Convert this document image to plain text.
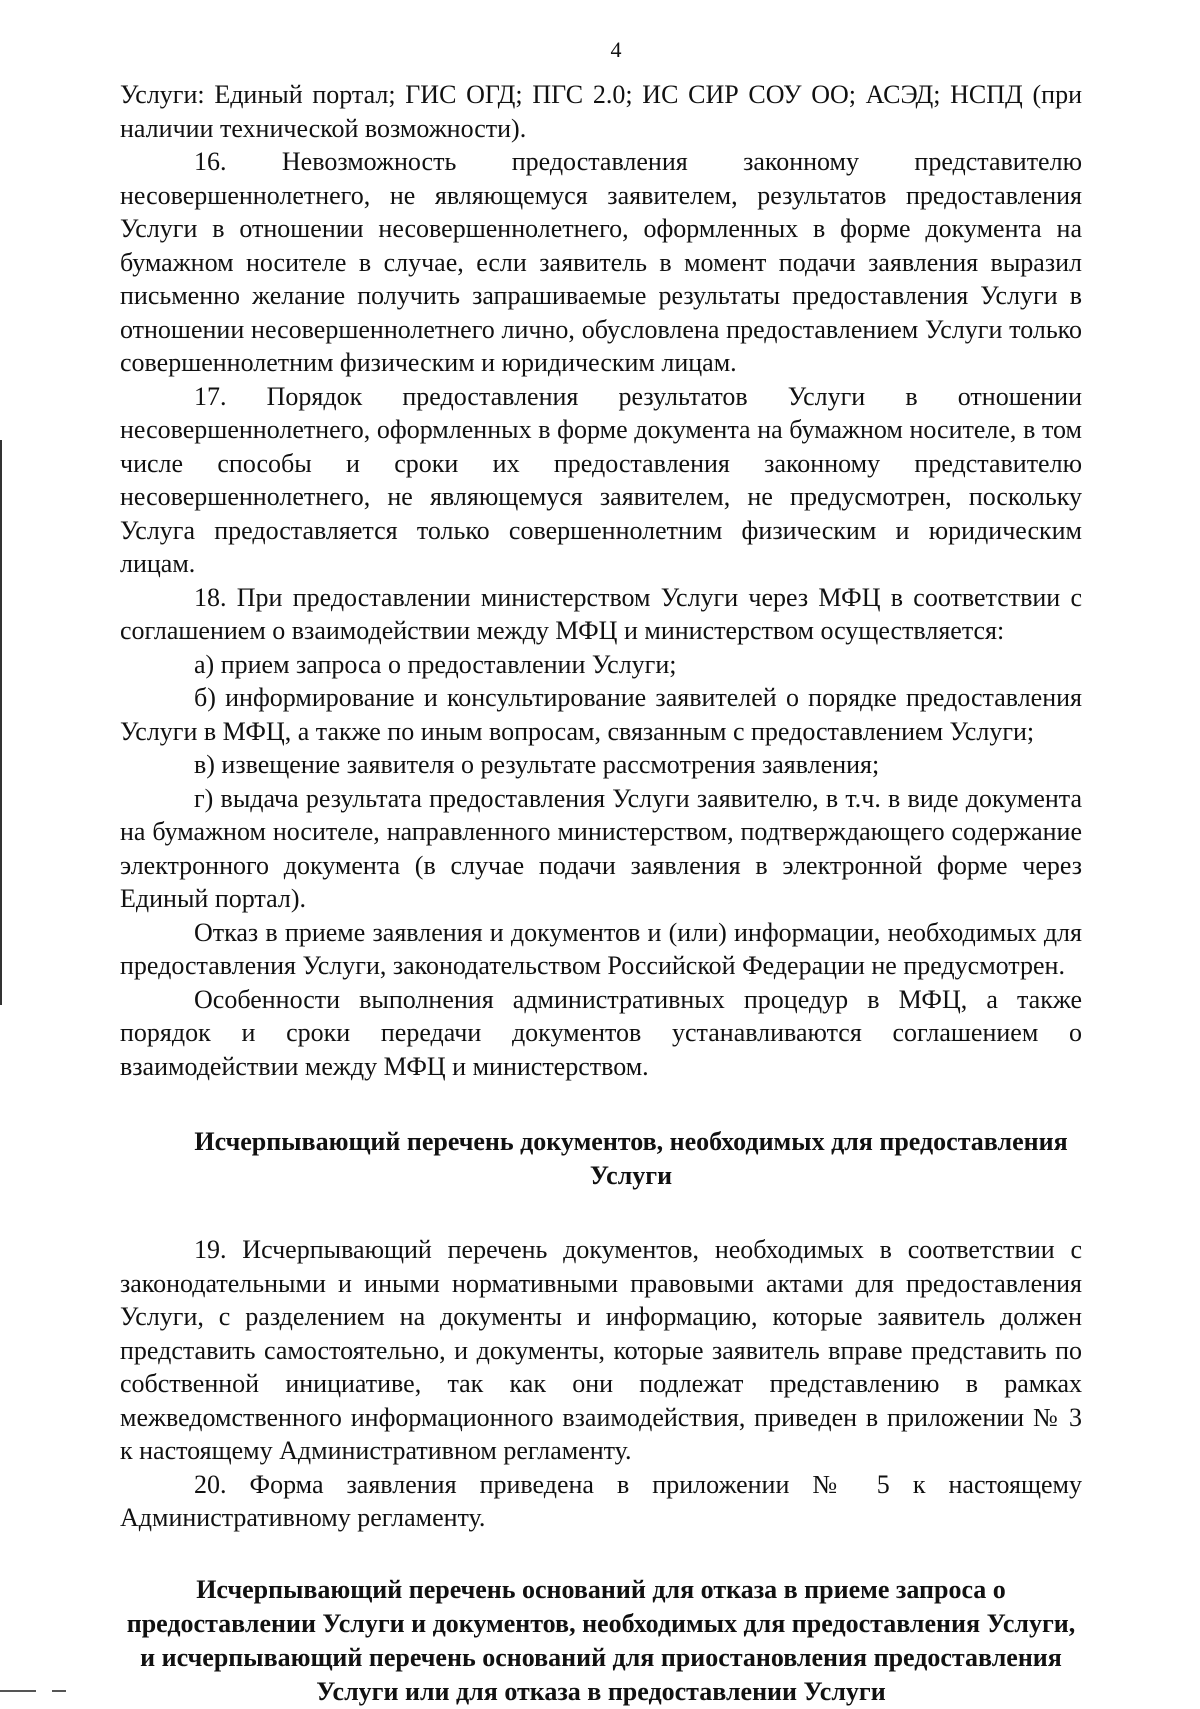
4

Услуги: Единый портал; ГИС ОГД; ПГС 2.0; ИС СИР СОУ ОО; АСЭД; НСПД (при наличии технической возможности).

16. Невозможность предоставления законному представителю несовершеннолетнего, не являющемуся заявителем, результатов предоставления Услуги в отношении несовершеннолетнего, оформленных в форме документа на бумажном носителе в случае, если заявитель в момент подачи заявления выразил письменно желание получить запрашиваемые результаты предоставления Услуги в отношении несовершеннолетнего лично, обусловлена предоставлением Услуги только совершеннолетним физическим и юридическим лицам.

17. Порядок предоставления результатов Услуги в отношении несовершеннолетнего, оформленных в форме документа на бумажном носителе, в том числе способы и сроки их предоставления законному представителю несовершеннолетнего, не являющемуся заявителем, не предусмотрен, поскольку Услуга предоставляется только совершеннолетним физическим и юридическим лицам.

18. При предоставлении министерством Услуги через МФЦ в соответствии с соглашением о взаимодействии между МФЦ и министерством осуществляется:

а) прием запроса о предоставлении Услуги;

б) информирование и консультирование заявителей о порядке предоставления Услуги в МФЦ, а также по иным вопросам, связанным с предоставлением Услуги;

в) извещение заявителя о результате рассмотрения заявления;

г) выдача результата предоставления Услуги заявителю, в т.ч. в виде документа на бумажном носителе, направленного министерством, подтверждающего содержание электронного документа (в случае подачи заявления в электронной форме через Единый портал).

Отказ в приеме заявления и документов и (или) информации, необходимых для предоставления Услуги, законодательством Российской Федерации не предусмотрен.

Особенности выполнения административных процедур в МФЦ, а также порядок и сроки передачи документов устанавливаются соглашением о взаимодействии между МФЦ и министерством.

Исчерпывающий перечень документов, необходимых для предоставления Услуги

19. Исчерпывающий перечень документов, необходимых в соответствии с законодательными и иными нормативными правовыми актами для предоставления Услуги, с разделением на документы и информацию, которые заявитель должен представить самостоятельно, и документы, которые заявитель вправе представить по собственной инициативе, так как они подлежат представлению в рамках межведомственного информационного взаимодействия, приведен в приложении № 3 к настоящему Административном регламенту.

20. Форма заявления приведена в приложении № 5 к настоящему Административному регламенту.

Исчерпывающий перечень оснований для отказа в приеме запроса о предоставлении Услуги и документов, необходимых для предоставления Услуги, и исчерпывающий перечень оснований для приостановления предоставления Услуги или для отказа в предоставлении Услуги
